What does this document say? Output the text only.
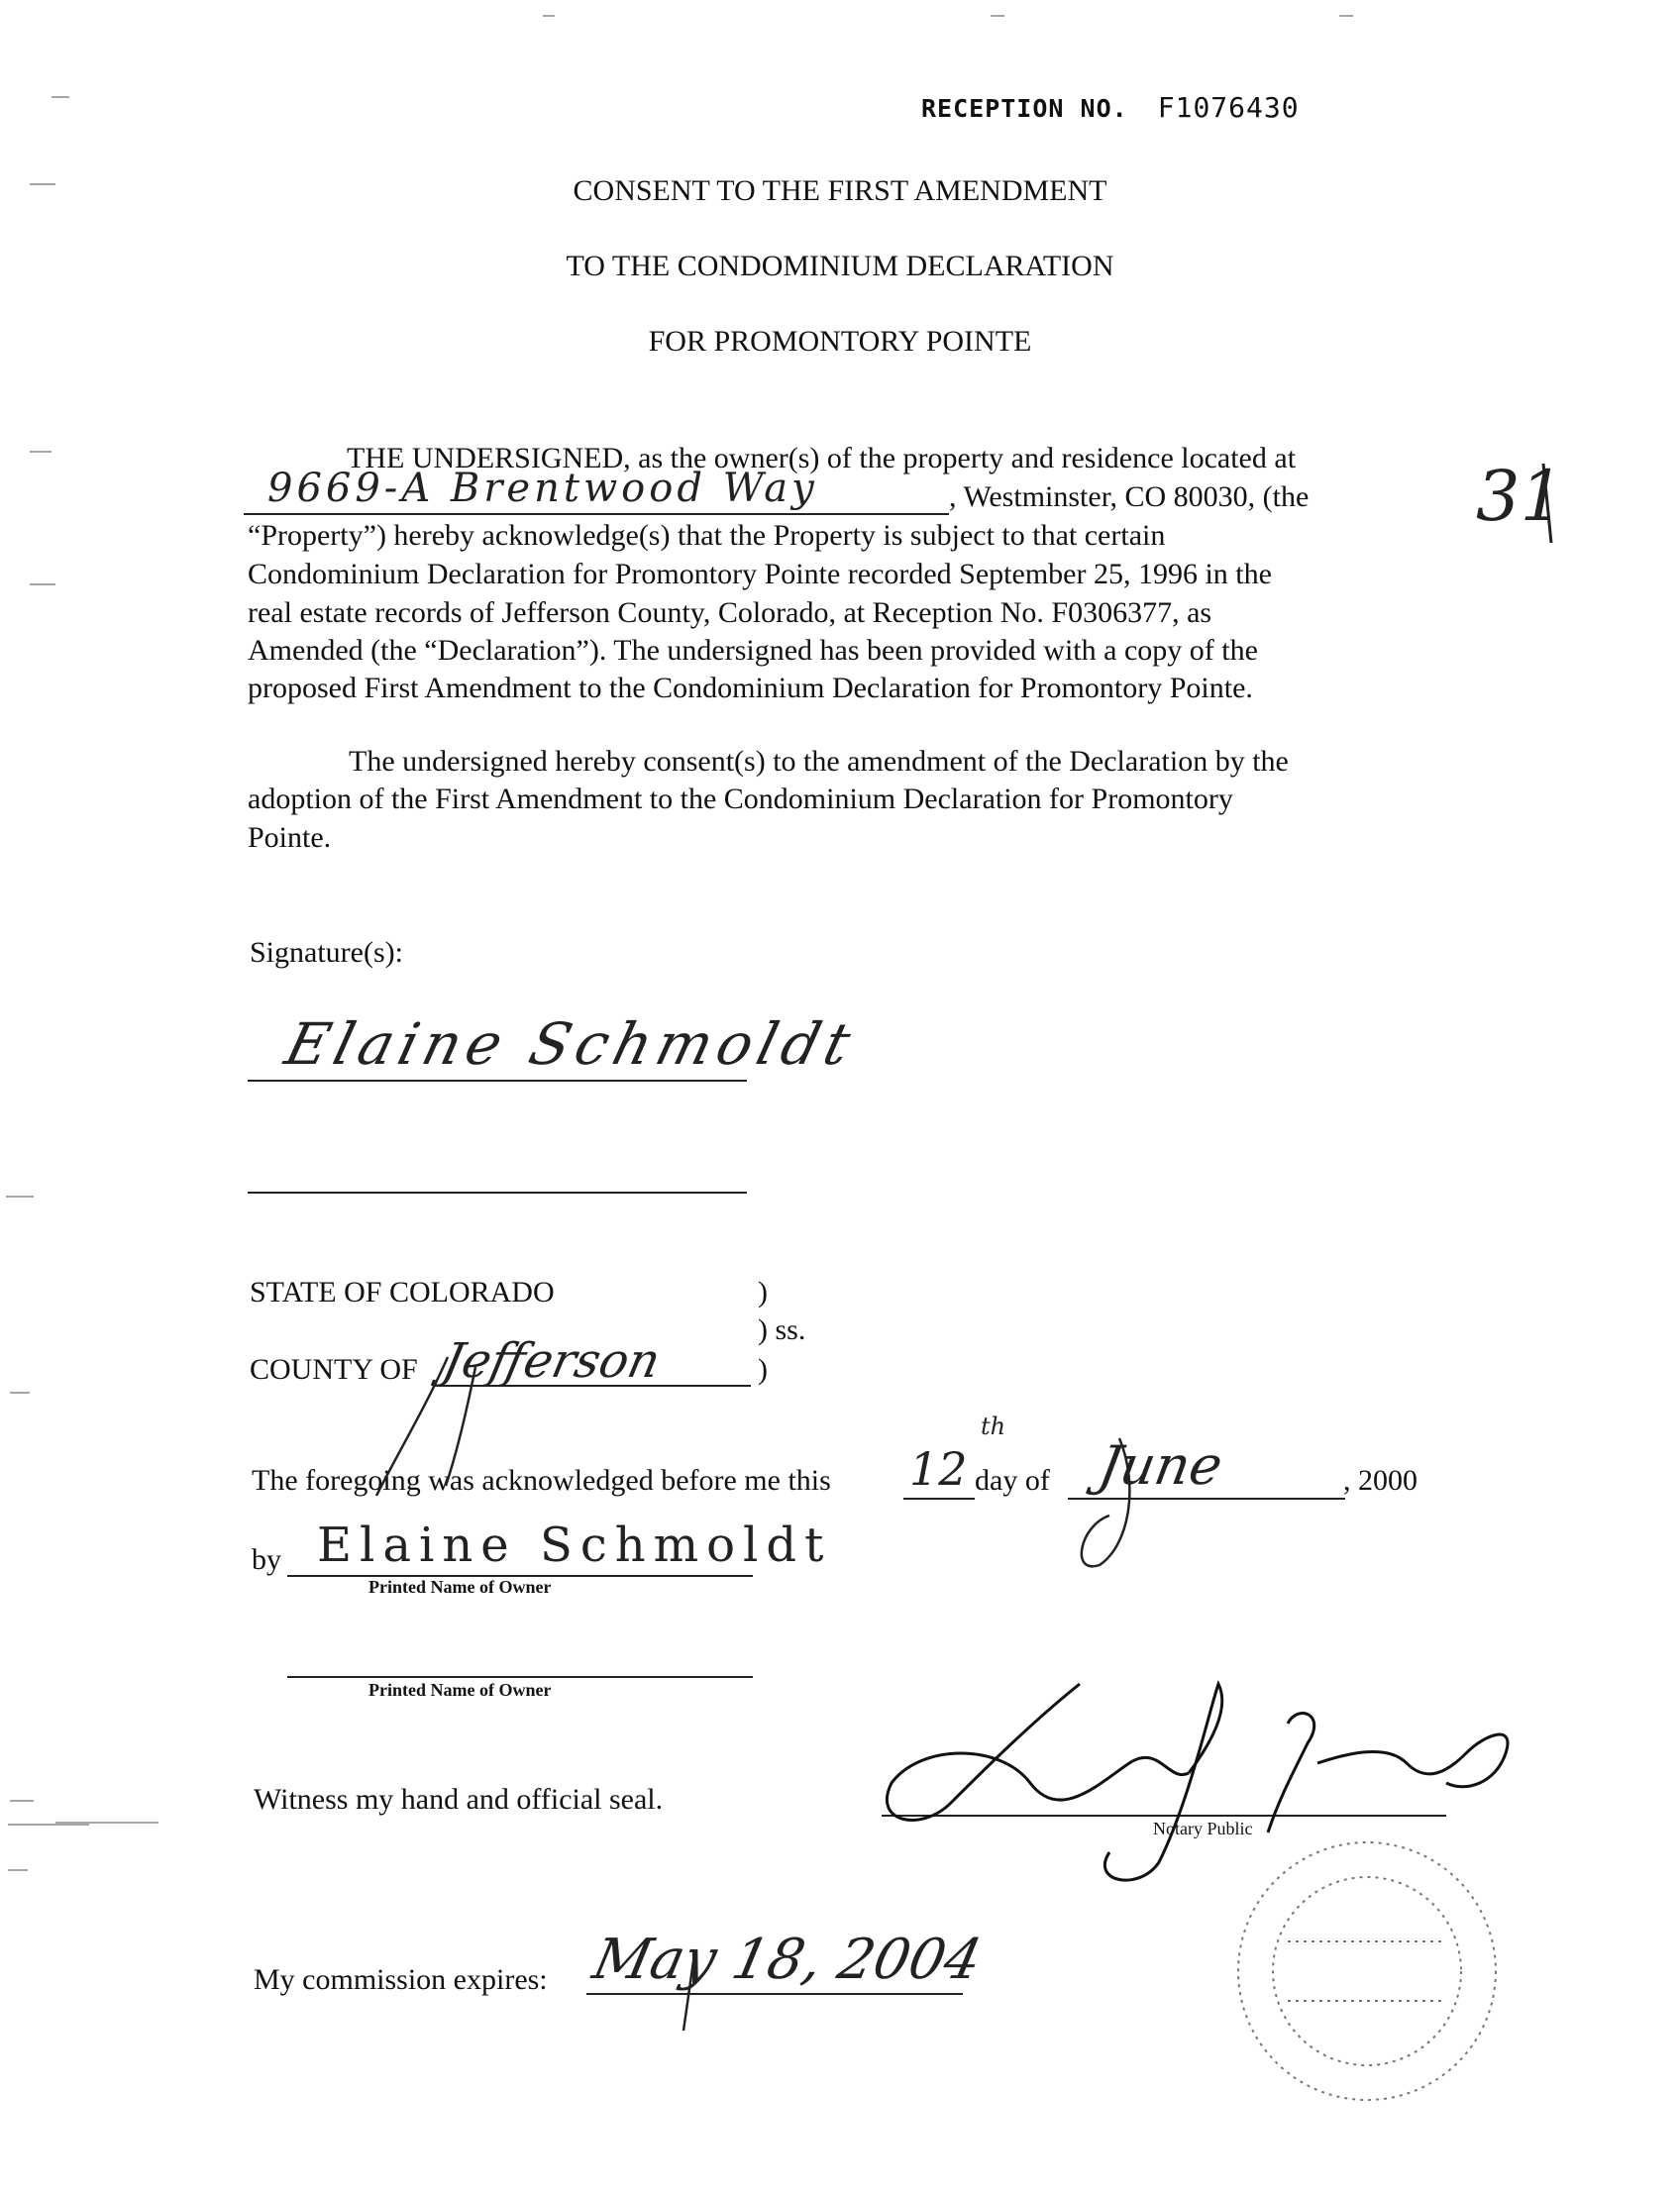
RECEPTION NO. F1076430
CONSENT TO THE FIRST AMENDMENT
TO THE CONDOMINIUM DECLARATION
FOR PROMONTORY POINTE
31
THE UNDERSIGNED, as the owner(s) of the property and residence located at
9669-A Brentwood Way	, Westminster, CO 80030, (the
“Property”) hereby acknowledge(s) that the Property is subject to that certain
Condominium Declaration for Promontory Pointe recorded September 25, 1996 in the
real estate records of Jefferson County, Colorado, at Reception No. F0306377, as
Amended (the “Declaration”). The undersigned has been provided with a copy of the
proposed First Amendment to the Condominium Declaration for Promontory Pointe.
The undersigned hereby consent(s) to the amendment of the Declaration by the
adoption of the First Amendment to the Condominium Declaration for Promontory
Pointe.
Signature(s):
Elaine Schmoldt
STATE OF COLORADO	)
) ss.
COUNTY OF Jefferson	)
The foregoing was acknowledged before me this 12
th
day of June	, 2000
by Elaine Schmoldt
Printed Name of Owner
Printed Name of Owner
Witness my hand and official seal.
Notary Public
My commission expires: May 18, 2004
